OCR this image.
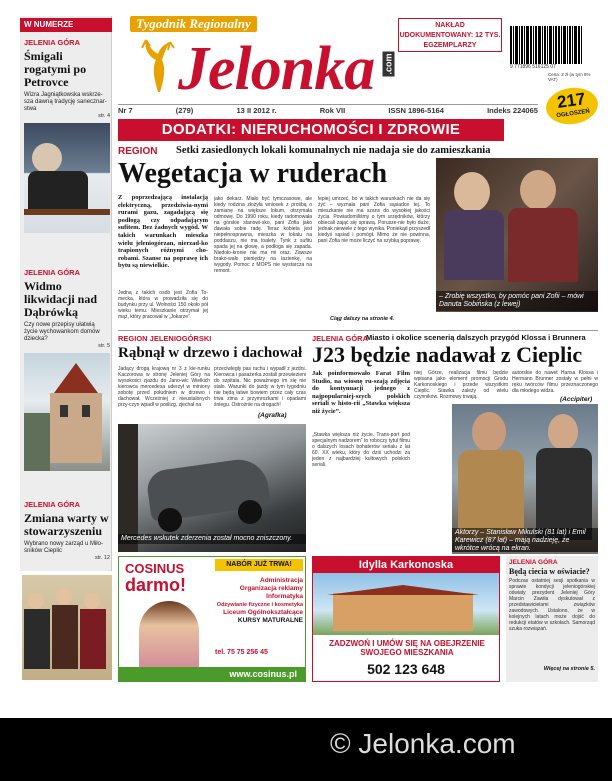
W NUMERZE
JELENIA GÓRA
Śmigali rogatymi po Petrovce
Wizra Jagniątkowska wskrze-sza dawną tradycję sanecznar-stwa
str. 4
JELENIA GÓRA
Widmo likwidacji nad Dąbrówką
Czy nowe przepisy ułatwią życie wychowankom domów dziecka?
str. 5
JELENIA GÓRA
Zmiana warty w stowarzyszeniu
Wybrano nowy zarząd u Miło-śników Cieplic
str. 12
Tygodnik Regionalny
Jelonka .com
NAKŁAD UDOKUMENTOWANY: 12 TYS. EGZEMPLARZY
9 771896 516125 07
Cena: 2 zł (w tym 8% VAT)
Nr 7	(279)	13 II 2012 r.	Rok VII	ISSN 1896-5164	Indeks 224065	217
OGŁOSZEŃ
DODATKI: NIERUCHOMOŚCI I ZDROWIE
REGION Setki zasiedlonych lokali komunalnych nie nadaja sie do zamieszkania
Wegetacja w ruderach
– Zrobię wszystko, by pomóc pani Zofii – mówi Danuta Sobińska (z lewej)
Z poprzedzającą instalacją elektryczną, przedziwia-nymi rurami gazu, zagadającą się podłogą czy odpadającym sufitem. Bez żadnych wygód. W takich warunkach mieszka wielu jeleniogórzan, nierzad-ko trapionych różnymi cho-robami. Szanse na poprawę ich bytu są niewielkie.
Jedną z takich osób jest Zofia To-mecka, która w prowadziła się do budynku przy ul. Wolności 150 około pół wieku temu. Mieszkanie otrzymał jej mąż, który pracował w „Jokarze”.
jako dekarz. Miało być tymczasowe, ale kiedy rodzina złożyła wniosek z prośbą o zamianę na większe lokum, otrzymała odmowę. Do 1990 roku, kiedy radomowała na górskie stanowi-sko, pani Zofia jako dawała sobie radę. Teraz kobieta jest niepełnosprawna, mieszka w lokalu na poddaszu, nie ma toalety. Tynk z sufitu spada jej na głowę, a podłoga się zapada. Niedoło-kronie nie ma mi oraz. Zawsze brako-wało pieniędzy na łazienkę, na wygody. Pomoc z MOPS nie wystarcza na remont.
lepiej umrzeć, bo w takich warunkach nie da się żyć – wyznała pani Zofia sąsiadce tej. To mieszkanie nie ma szans do wysokiej jakości życia. Powiadomiliśmy o tym urzędników, którzy obiecali zająć się sprawą. Porusze-nie było duże, jednak niewiele z tego wynika. Poniekąd przyszedł kiedyś sąsiad i pomógł. Mimo że nie powinna, pani Zofia nie może liczyć na szybką poprawę.
Ciąg dalszy na stronie 4.
REGION JELENIOGÓRSKI
Rąbnął w drzewo i dachował
Jadący drogą krajową nr 3 z kie-runku Kaczorowa w stronę Jeleniej Góry na wysokości zjazdu do Jano-wic Wielkich kierowca mercedesa uderzył w miniony sobotę przed południem w drzewo i dachował. Wcześniej z nieustalonych przy-czyn wpadł w poślizg, zjechał na
przeciwległy pas ruchu i wypadł z jezdni. Kierowca i pasażerka zostali przewiezieni do szpitala. Nic poważnego im się nie stało. Warunki do jazdy w tym tygodniu nie będą łatwe bowiem przez cały czas trwa zima z przymrozkami i opadami śniegu. Ostrożnie na drogach!
(Agrafka)
Mercedes wskutek zderzenia został mocno zniszczony.
JELENIA GÓRA
Miasto i okolice scenerią dalszych przygód Klossa i Brunnera
J23 będzie nadawał z Cieplic
Jak poinformowało Farat Film Studio, na wiosnę ru-szają zdjęcia do kontynuacji jednego z najpopularniej-szych polskich seriali w histo-rii „Stawka większa niż życie”.
„Stawka większa niż życie. Trans-port pod specjalnym nadzorem” to roboczy tytuł filmu o dalszych losach bohaterów serialu z lat 60. XX wieku, który do dziś uchodzi za jeden z najbardziej kultowych polskich seriali.
niej Górze, realizacja filmu będzie wpisana jako element promocji Grodu Karkonoskiego i przede wszystkim Cieplic. Stawka zależy od wielu czynników. Rozmowy trwają.
autorskie do nawet Hansa Klossa i Hermann Brunner zostały w pełni w ręku twórców filmu przeznaczonego dla młodego widza.
(Accipiter)
Aktorzy – Stanisław Mikulski (81 lat) i Emil Karewicz (87 lat) – mają nadzieję, że wkrótce wrócą na ekran.
COSINUS
darmo!
NABÓR JUŻ TRWA!
Administracja
Organizacja reklamy
Informatyka
Odżywianie fizyczne i kosmetyka
Liceum Ogólnokształcące
KURSY MATURALNE
tel. 75 75 256 45
www.cosinus.pl
Idylla Karkonoska
ZADZWOŃ I UMÓW SIĘ NA OBEJRZENIE SWOJEGO MIESZKANIA
502 123 648
JELENIA GÓRA
Będą ciecia w oświacie?
Podczas ostatniej sesji spotkania w sprawie kondycji jeleniogórskiej oświaty prezydent Jeleniej Góry Marcin Zawiła dyskutował z przedstawicielami związków zawodowych. Ustalono, że w kolejnych latach może dojść do redukcji etatów w szkołach. Samorząd szuka rozwiązań.
Więcej na stronie 5.
© Jelonka.com
